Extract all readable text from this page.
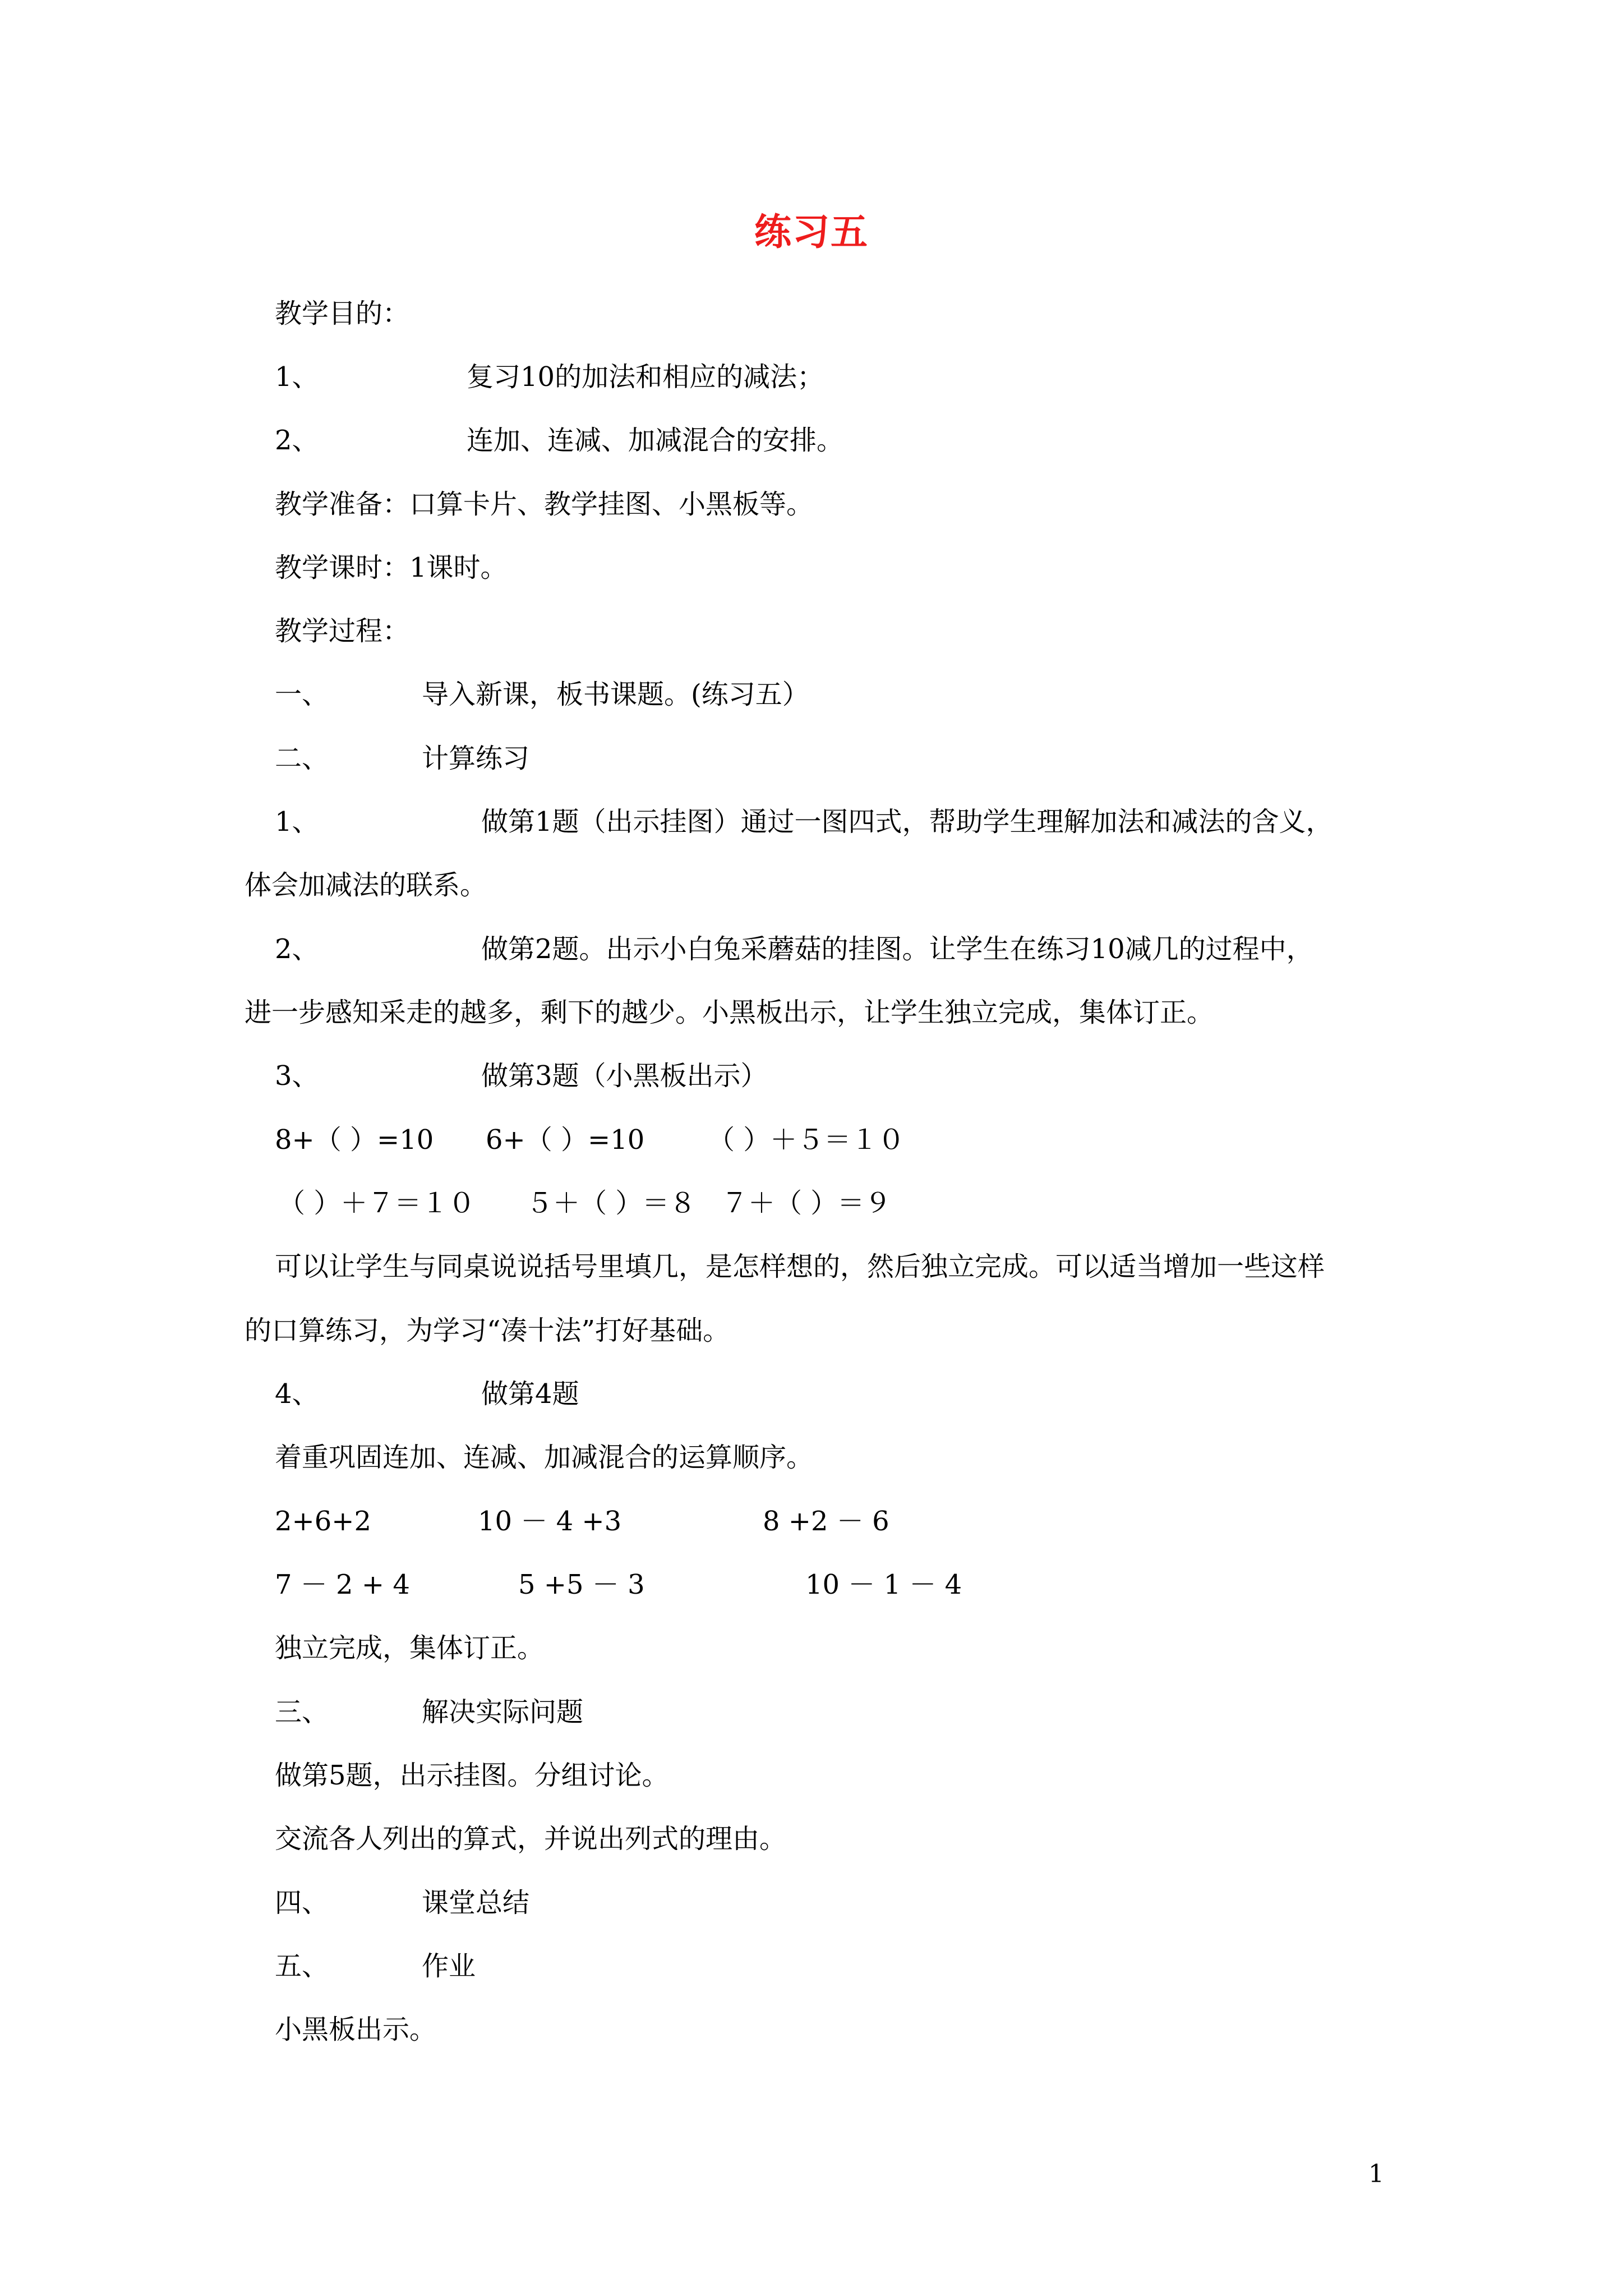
练习五
教学目的：
1、	复习10的加法和相应的减法；
2、	连加、连减、加减混合的安排。
教学准备：口算卡片、教学挂图、小黑板等。
教学课时：1课时。
教学过程：
一、	导入新课，板书课题。(练习五）
二、	计算练习
1、	做第1题（出示挂图）通过一图四式，帮助学生理解加法和减法的含义，
体会加减法的联系。
2、	做第2题。出示小白兔采蘑菇的挂图。让学生在练习10减几的过程中，
进一步感知采走的越多，剩下的越少。小黑板出示，让学生独立完成，集体订正。
3、	做第3题（小黑板出示）
8+（ ）=10 6+（ ）=10 （ ）＋５＝１０
（ ）＋７＝１０ ５＋（ ）＝８ ７＋（ ）＝９
可以让学生与同桌说说括号里填几，是怎样想的，然后独立完成。可以适当增加一些这样
的口算练习，为学习“凑十法”打好基础。
4、	做第4题
着重巩固连加、连减、加减混合的运算顺序。
2+6+2	10 － 4 +3	8 +2 － 6
7 － 2 + 4	5 +5 － 3	10 － 1 － 4
独立完成，集体订正。
三、	解决实际问题
做第5题，出示挂图。分组讨论。
交流各人列出的算式，并说出列式的理由。
四、	课堂总结
五、	作业
小黑板出示。
1
